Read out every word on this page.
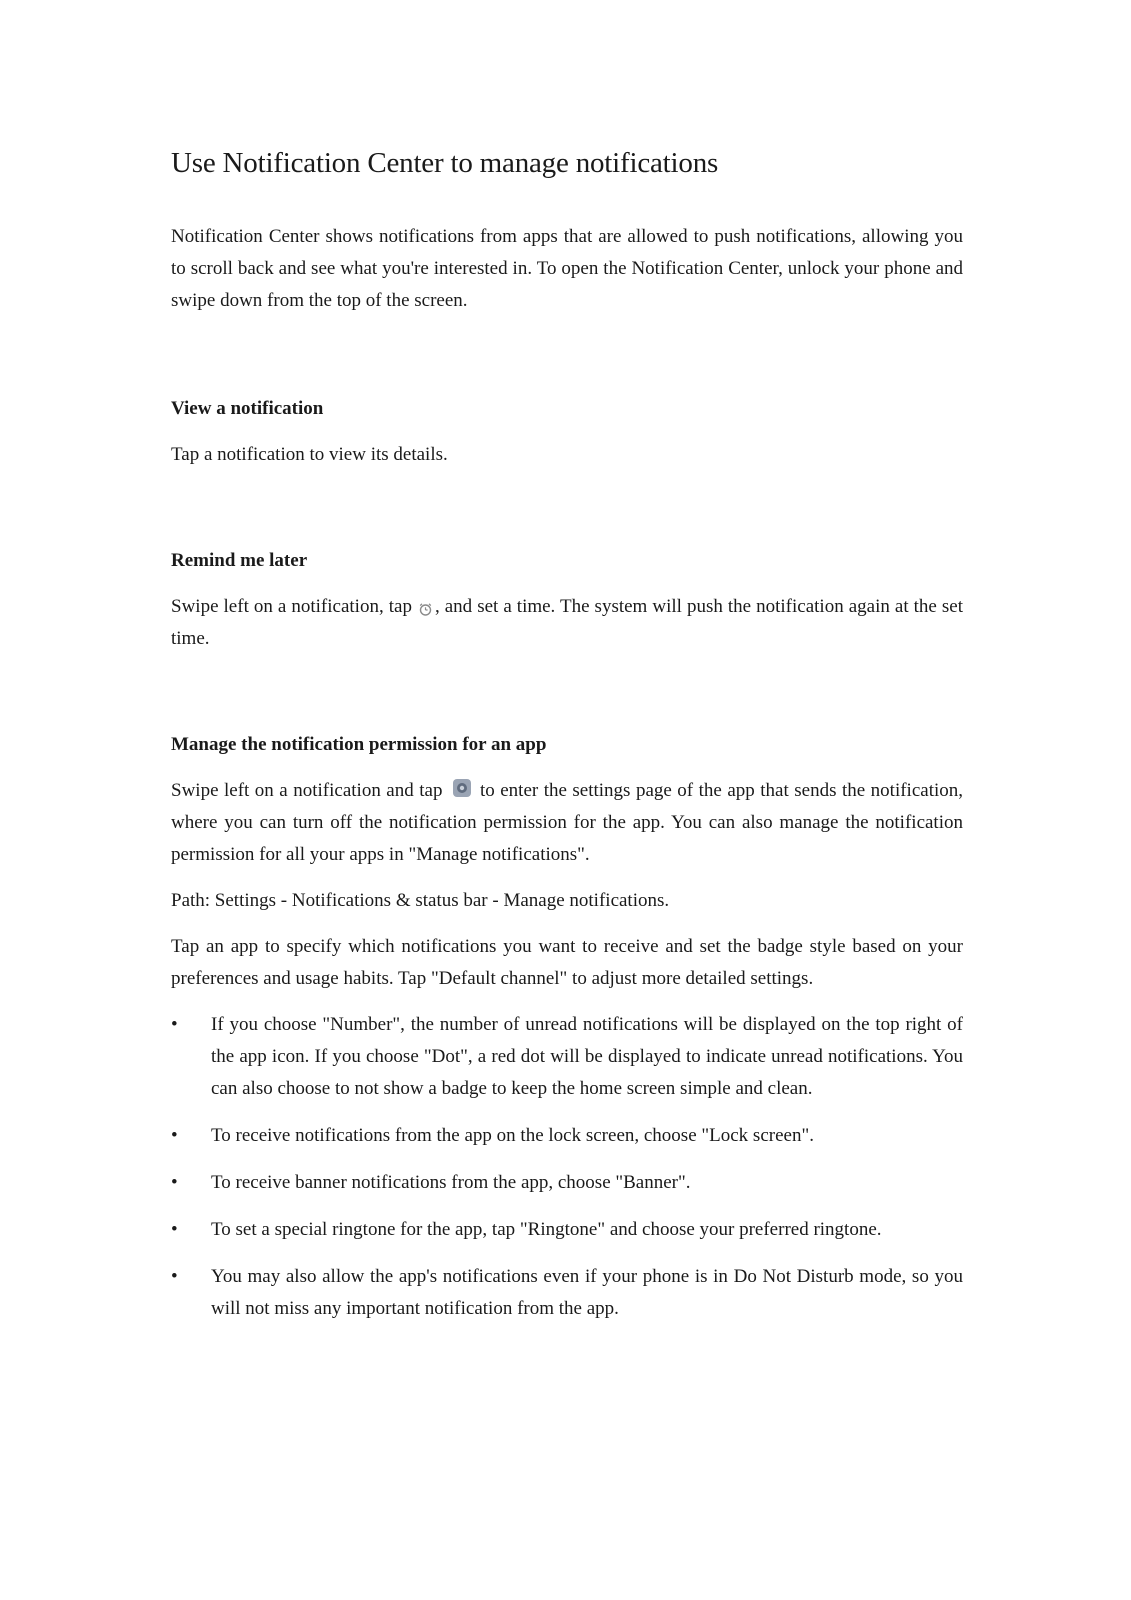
Use Notification Center to manage notifications

Notification Center shows notifications from apps that are allowed to push notifications, allowing you to scroll back and see what you're interested in. To open the Notification Center, unlock your phone and swipe down from the top of the screen.

View a notification

Tap a notification to view its details.

Remind me later

Swipe left on a notification, tap , and set a time. The system will push the notification again at the set time.

Manage the notification permission for an app

Swipe left on a notification and tap to enter the settings page of the app that sends the notification, where you can turn off the notification permission for the app. You can also manage the notification permission for all your apps in "Manage notifications".

Path: Settings - Notifications & status bar - Manage notifications.

Tap an app to specify which notifications you want to receive and set the badge style based on your preferences and usage habits. Tap "Default channel" to adjust more detailed settings.

• If you choose "Number", the number of unread notifications will be displayed on the top right of the app icon. If you choose "Dot", a red dot will be displayed to indicate unread notifications. You can also choose to not show a badge to keep the home screen simple and clean.
• To receive notifications from the app on the lock screen, choose "Lock screen".
• To receive banner notifications from the app, choose "Banner".
• To set a special ringtone for the app, tap "Ringtone" and choose your preferred ringtone.
• You may also allow the app's notifications even if your phone is in Do Not Disturb mode, so you will not miss any important notification from the app.
